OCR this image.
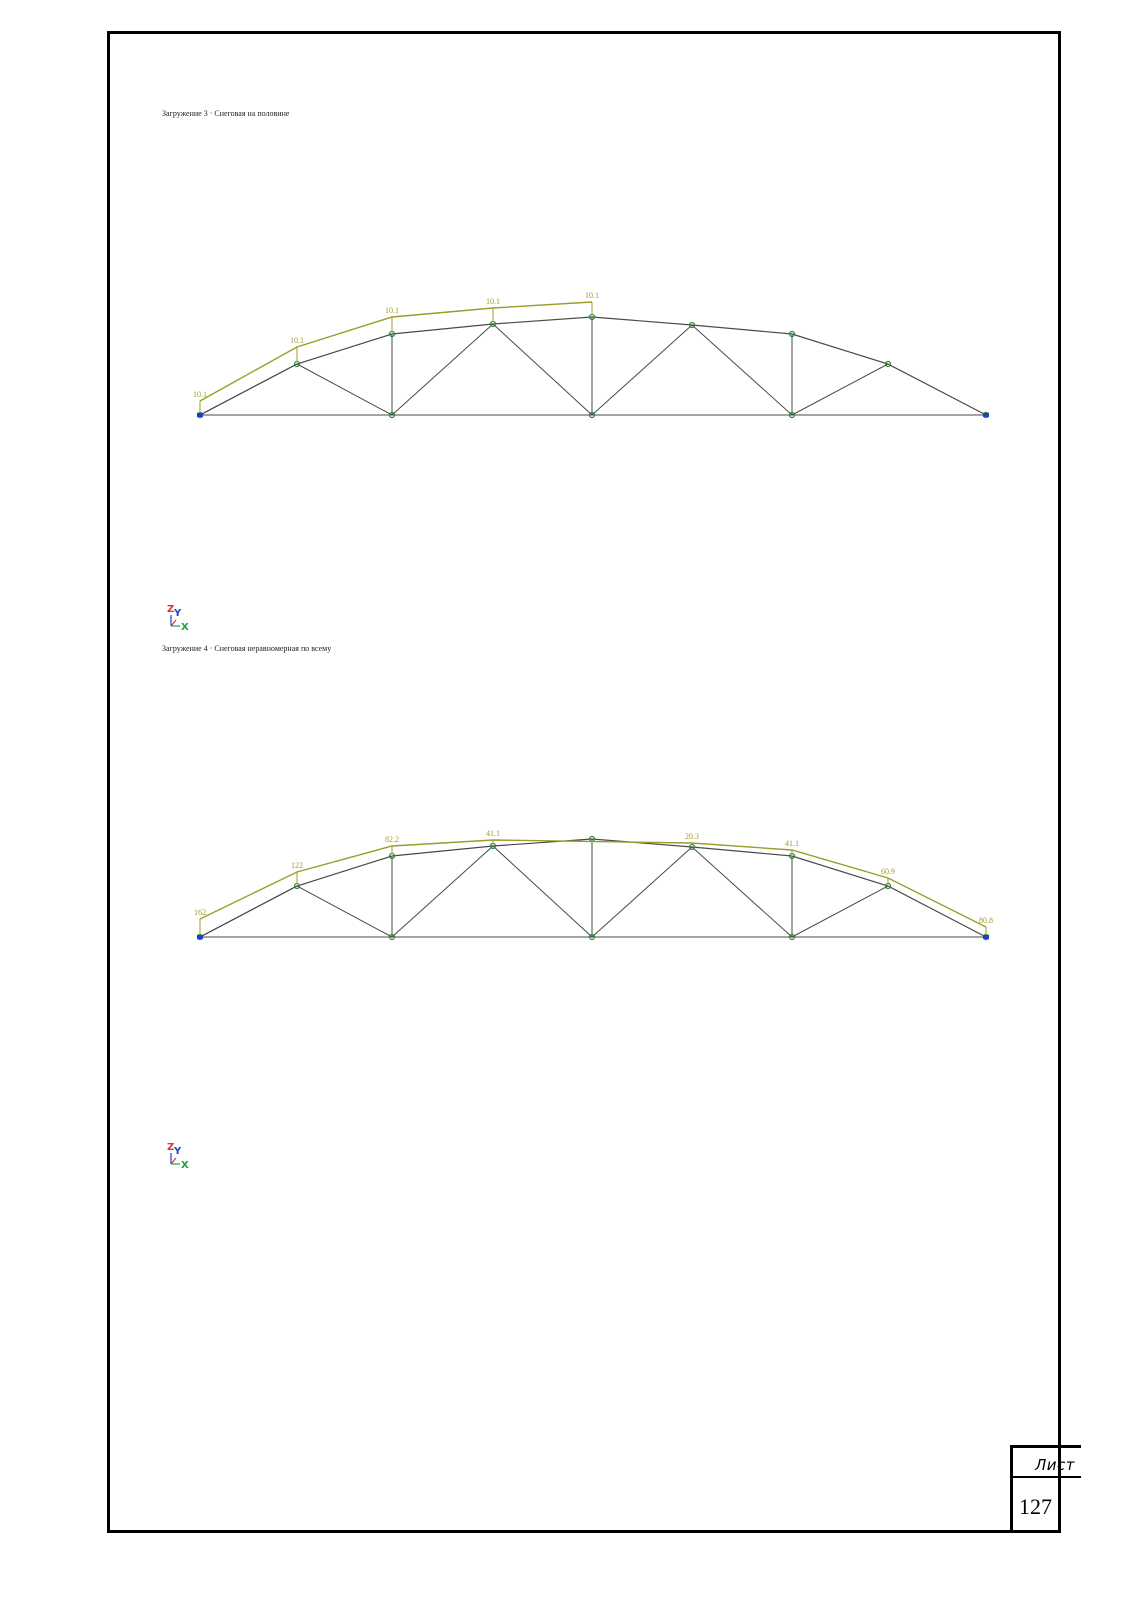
Загружение 3 · Снеговая на половине
Загружение 4 · Снеговая неравномерная по всему
10.1
10.1
10.1
10.1
10.1
162
122
82.2
41.1	20.3
41.1
60.9
80.8
Z Y
X
Z Y
X
Лист
127
